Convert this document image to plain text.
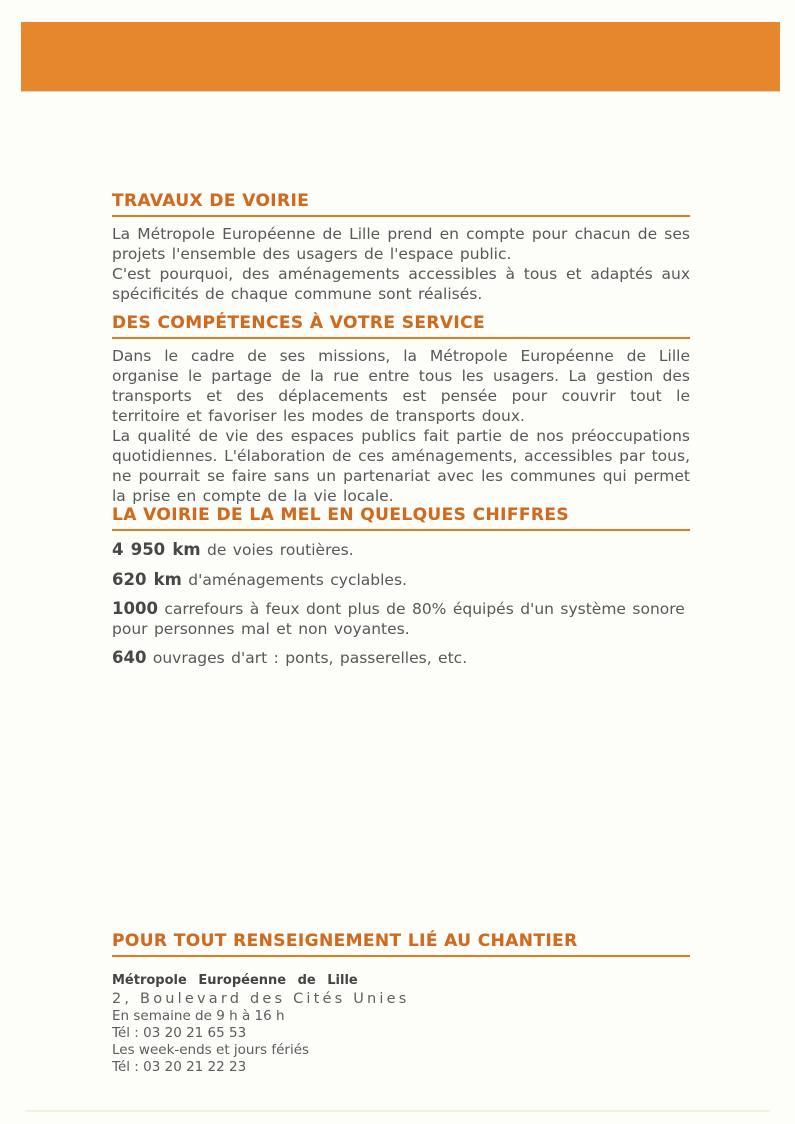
TRAVAUX DE VOIRIE

La Métropole Européenne de Lille prend en compte pour chacun de ses projets l'ensemble des usagers de l'espace public.

C'est pourquoi, des aménagements accessibles à tous et adaptés aux spécificités de chaque commune sont réalisés.

DES COMPÉTENCES À VOTRE SERVICE

Dans le cadre de ses missions, la Métropole Européenne de Lille organise le partage de la rue entre tous les usagers. La gestion des transports et des déplacements est pensée pour couvrir tout le territoire et favoriser les modes de transports doux.

La qualité de vie des espaces publics fait partie de nos préoccupations quotidiennes. L'élaboration de ces aménagements, accessibles par tous, ne pourrait se faire sans un partenariat avec les communes qui permet la prise en compte de la vie locale.

LA VOIRIE DE LA MEL EN QUELQUES CHIFFRES

4 950 km de voies routières.

620 km d'aménagements cyclables.

1000 carrefours à feux dont plus de 80% équipés d'un système sonore pour personnes mal et non voyantes.

640 ouvrages d'art : ponts, passerelles, etc.

POUR TOUT RENSEIGNEMENT LIÉ AU CHANTIER

Métropole Européenne de Lille

2, Boulevard des Cités Unies

En semaine de 9 h à 16 h

Tél : 03 20 21 65 53

Les week-ends et jours fériés

Tél : 03 20 21 22 23
